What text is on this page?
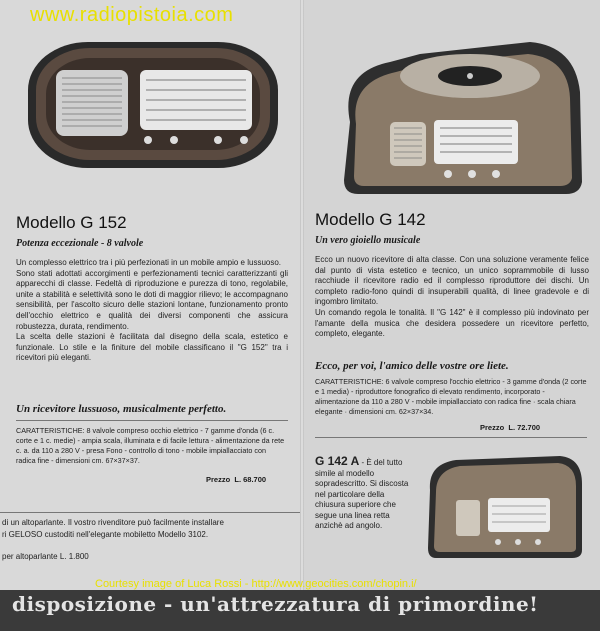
www.radiopistoia.com
Modello G 152
Potenza eccezionale - 8 valvole
Un complesso elettrico tra i più perfezionati in un mobile ampio e lussuoso.
Sono stati adottati accorgimenti e perfezionamenti tecnici caratterizzanti gli apparecchi di classe. Fedeltà di riproduzione e purezza di tono, regolabile, unite a stabilità e selettività sono le doti di maggior rilievo; le accompagnano sensibilità, per l'ascolto sicuro delle stazioni lontane, funzionamento pronto dell'occhio elettrico e qualità dei diversi componenti che assicura robustezza, durata, rendimento.
La scelta delle stazioni è facilitata dal disegno della scala, estetico e funzionale. Lo stile e la finiture del mobile classificano il "G 152" tra i ricevitori più eleganti.
Un ricevitore lussuoso, musicalmente perfetto.
CARATTERISTICHE: 8 valvole compreso occhio elettrico - 7 gamme d'onda (6 c. corte e 1 c. medie) - ampia scala, illuminata e di facile lettura - alimentazione da rete c. a. da 110 a 280 V - presa Fono - controllo di tono - mobile impiallacciato con radica fine - dimensioni cm. 67×37×37.
Prezzo L. 68.700
di un altoparlante. Il vostro rivenditore può facilmente installare
ri GELOSO custoditi nell'elegante mobiletto Modello 3102.
per altoparlante L. 1.800
Modello G 142
Un vero gioiello musicale
Ecco un nuovo ricevitore di alta classe. Con una soluzione veramente felice dal punto di vista estetico e tecnico, un unico soprammobile di lusso racchiude il ricevitore radio ed il complesso riproduttore dei dischi. Un completo radio-fono quindi di insuperabili qualità, di linee gradevole e di ingombro limitato.
Un comando regola le tonalità. Il "G 142" è il complesso più indovinato per l'amante della musica che desidera possedere un ricevitore perfetto, completo, elegante.
Ecco, per voi, l'amico delle vostre ore liete.
CARATTERISTICHE: 6 valvole compreso l'occhio elettrico - 3 gamme d'onda (2 corte e 1 media) - riproduttore fonografico di elevato rendimento, incorporato - alimentazione da 110 a 280 V - mobile impiallacciato con radica fine · scala chiara elegante · dimensioni cm. 62×37×34.
Prezzo L. 72.700
G 142 A - È del tutto simile al modello sopradescritto. Si discosta nel particolare della chiusura superiore che segue una linea retta anzichè ad angolo.
Courtesy image of Luca Rossi - http://www.geocities.com/chopin.i/
disposizione - un'attrezzatura di primordine!
